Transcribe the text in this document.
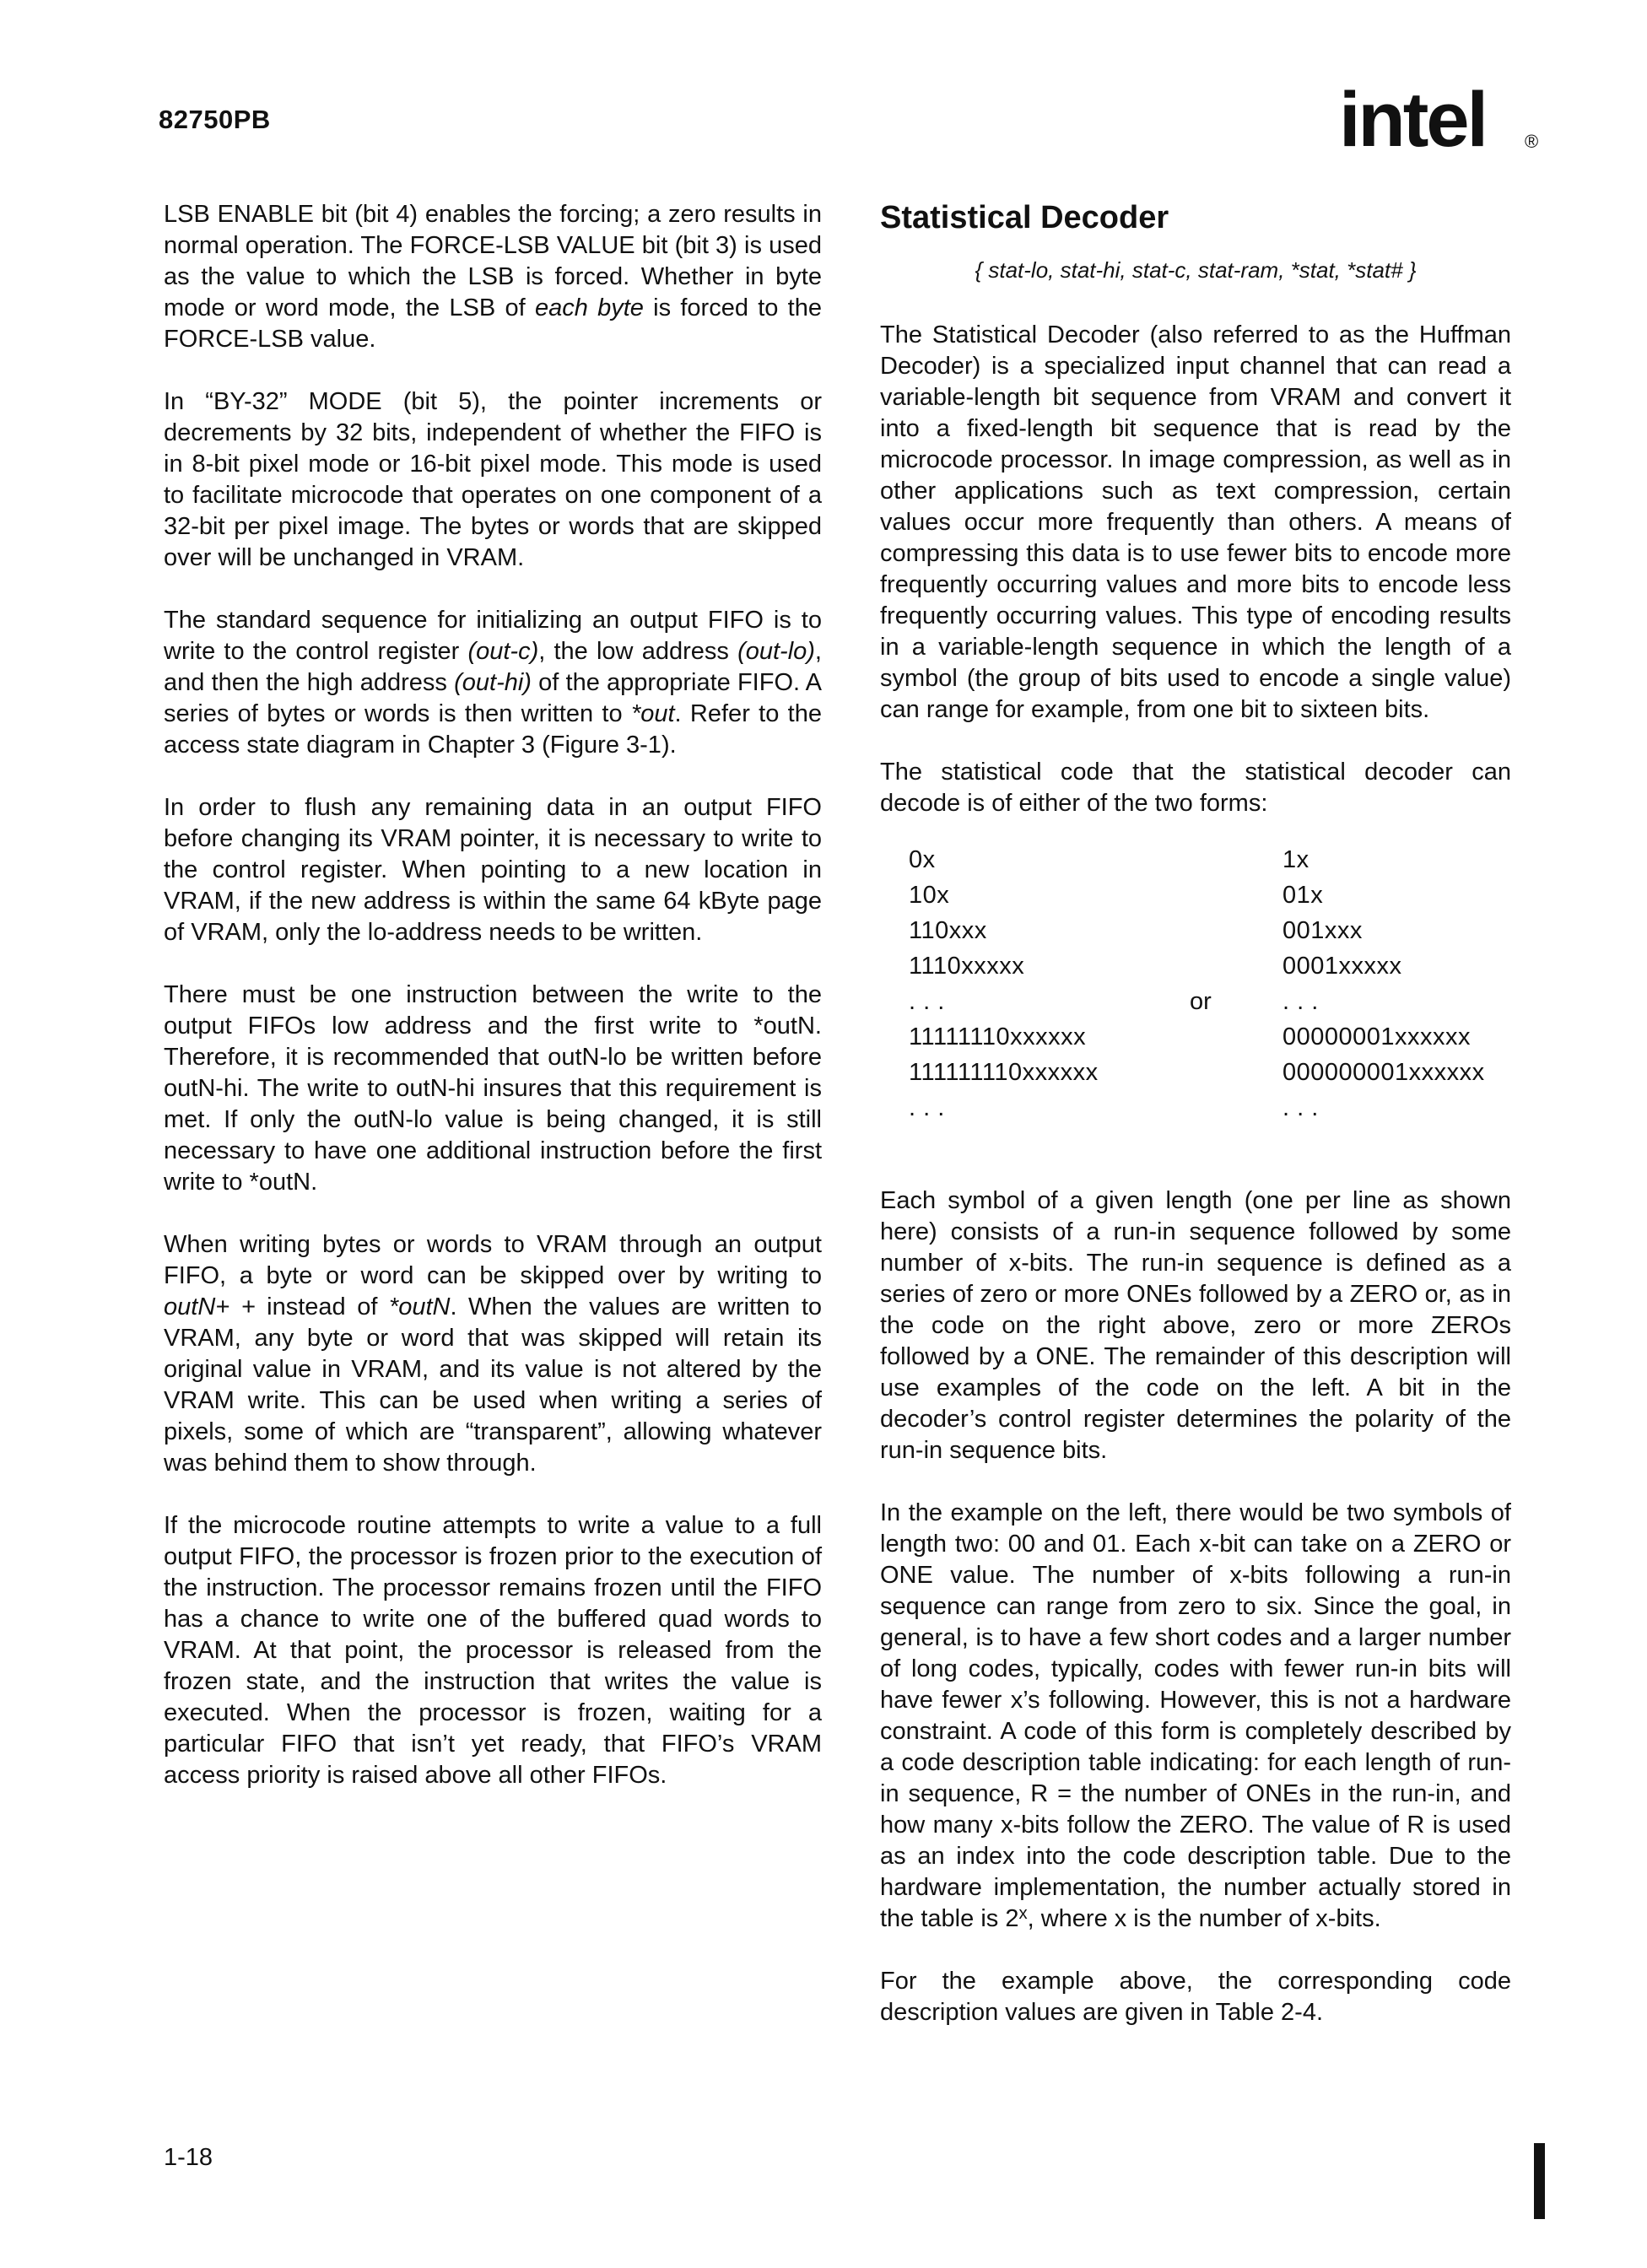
82750PB	intel ®

LSB ENABLE bit (bit 4) enables the forcing; a zero results in normal operation. The FORCE-LSB VALUE bit (bit 3) is used as the value to which the LSB is forced. Whether in byte mode or word mode, the LSB of each byte is forced to the FORCE-LSB value.

In “BY-32” MODE (bit 5), the pointer increments or decrements by 32 bits, independent of whether the FIFO is in 8-bit pixel mode or 16-bit pixel mode. This mode is used to facilitate microcode that operates on one component of a 32-bit per pixel image. The bytes or words that are skipped over will be unchanged in VRAM.

The standard sequence for initializing an output FIFO is to write to the control register (out-c), the low address (out-lo), and then the high address (out-hi) of the appropriate FIFO. A series of bytes or words is then written to *out. Refer to the access state diagram in Chapter 3 (Figure 3-1).

In order to flush any remaining data in an output FIFO before changing its VRAM pointer, it is necessary to write to the control register. When pointing to a new location in VRAM, if the new address is within the same 64 kByte page of VRAM, only the lo-address needs to be written.

There must be one instruction between the write to the output FIFOs low address and the first write to *outN. Therefore, it is recommended that outN-lo be written before outN-hi. The write to outN-hi insures that this requirement is met. If only the outN-lo value is being changed, it is still necessary to have one additional instruction before the first write to *outN.

When writing bytes or words to VRAM through an output FIFO, a byte or word can be skipped over by writing to outN+ + instead of *outN. When the values are written to VRAM, any byte or word that was skipped will retain its original value in VRAM, and its value is not altered by the VRAM write. This can be used when writing a series of pixels, some of which are “transparent”, allowing whatever was behind them to show through.

If the microcode routine attempts to write a value to a full output FIFO, the processor is frozen prior to the execution of the instruction. The processor remains frozen until the FIFO has a chance to write one of the buffered quad words to VRAM. At that point, the processor is released from the frozen state, and the instruction that writes the value is executed. When the processor is frozen, waiting for a particular FIFO that isn’t yet ready, that FIFO’s VRAM access priority is raised above all other FIFOs.

Statistical Decoder
{ stat-lo, stat-hi, stat-c, stat-ram, *stat, *stat# }

The Statistical Decoder (also referred to as the Huffman Decoder) is a specialized input channel that can read a variable-length bit sequence from VRAM and convert it into a fixed-length bit sequence that is read by the microcode processor. In image compression, as well as in other applications such as text compression, certain values occur more frequently than others. A means of compressing this data is to use fewer bits to encode more frequently occurring values and more bits to encode less frequently occurring values. This type of encoding results in a variable-length sequence in which the length of a symbol (the group of bits used to encode a single value) can range for example, from one bit to sixteen bits.

The statistical code that the statistical decoder can decode is of either of the two forms:

0x
10x
110xxx
1110xxxxx
. . .
11111110xxxxxx
111111110xxxxxx
. . .
or
1x
01x
001xxx
0001xxxxx
. . .
00000001xxxxxx
000000001xxxxxx
. . .

Each symbol of a given length (one per line as shown here) consists of a run-in sequence followed by some number of x-bits. The run-in sequence is defined as a series of zero or more ONEs followed by a ZERO or, as in the code on the right above, zero or more ZEROs followed by a ONE. The remainder of this description will use examples of the code on the left. A bit in the decoder’s control register determines the polarity of the run-in sequence bits.

In the example on the left, there would be two symbols of length two: 00 and 01. Each x-bit can take on a ZERO or ONE value. The number of x-bits following a run-in sequence can range from zero to six. Since the goal, in general, is to have a few short codes and a larger number of long codes, typically, codes with fewer run-in bits will have fewer x’s following. However, this is not a hardware constraint. A code of this form is completely described by a code description table indicating: for each length of run-in sequence, R = the number of ONEs in the run-in, and how many x-bits follow the ZERO. The value of R is used as an index into the code description table. Due to the hardware implementation, the number actually stored in the table is 2$^x$, where x is the number of x-bits.

For the example above, the corresponding code description values are given in Table 2-4.

1-18
